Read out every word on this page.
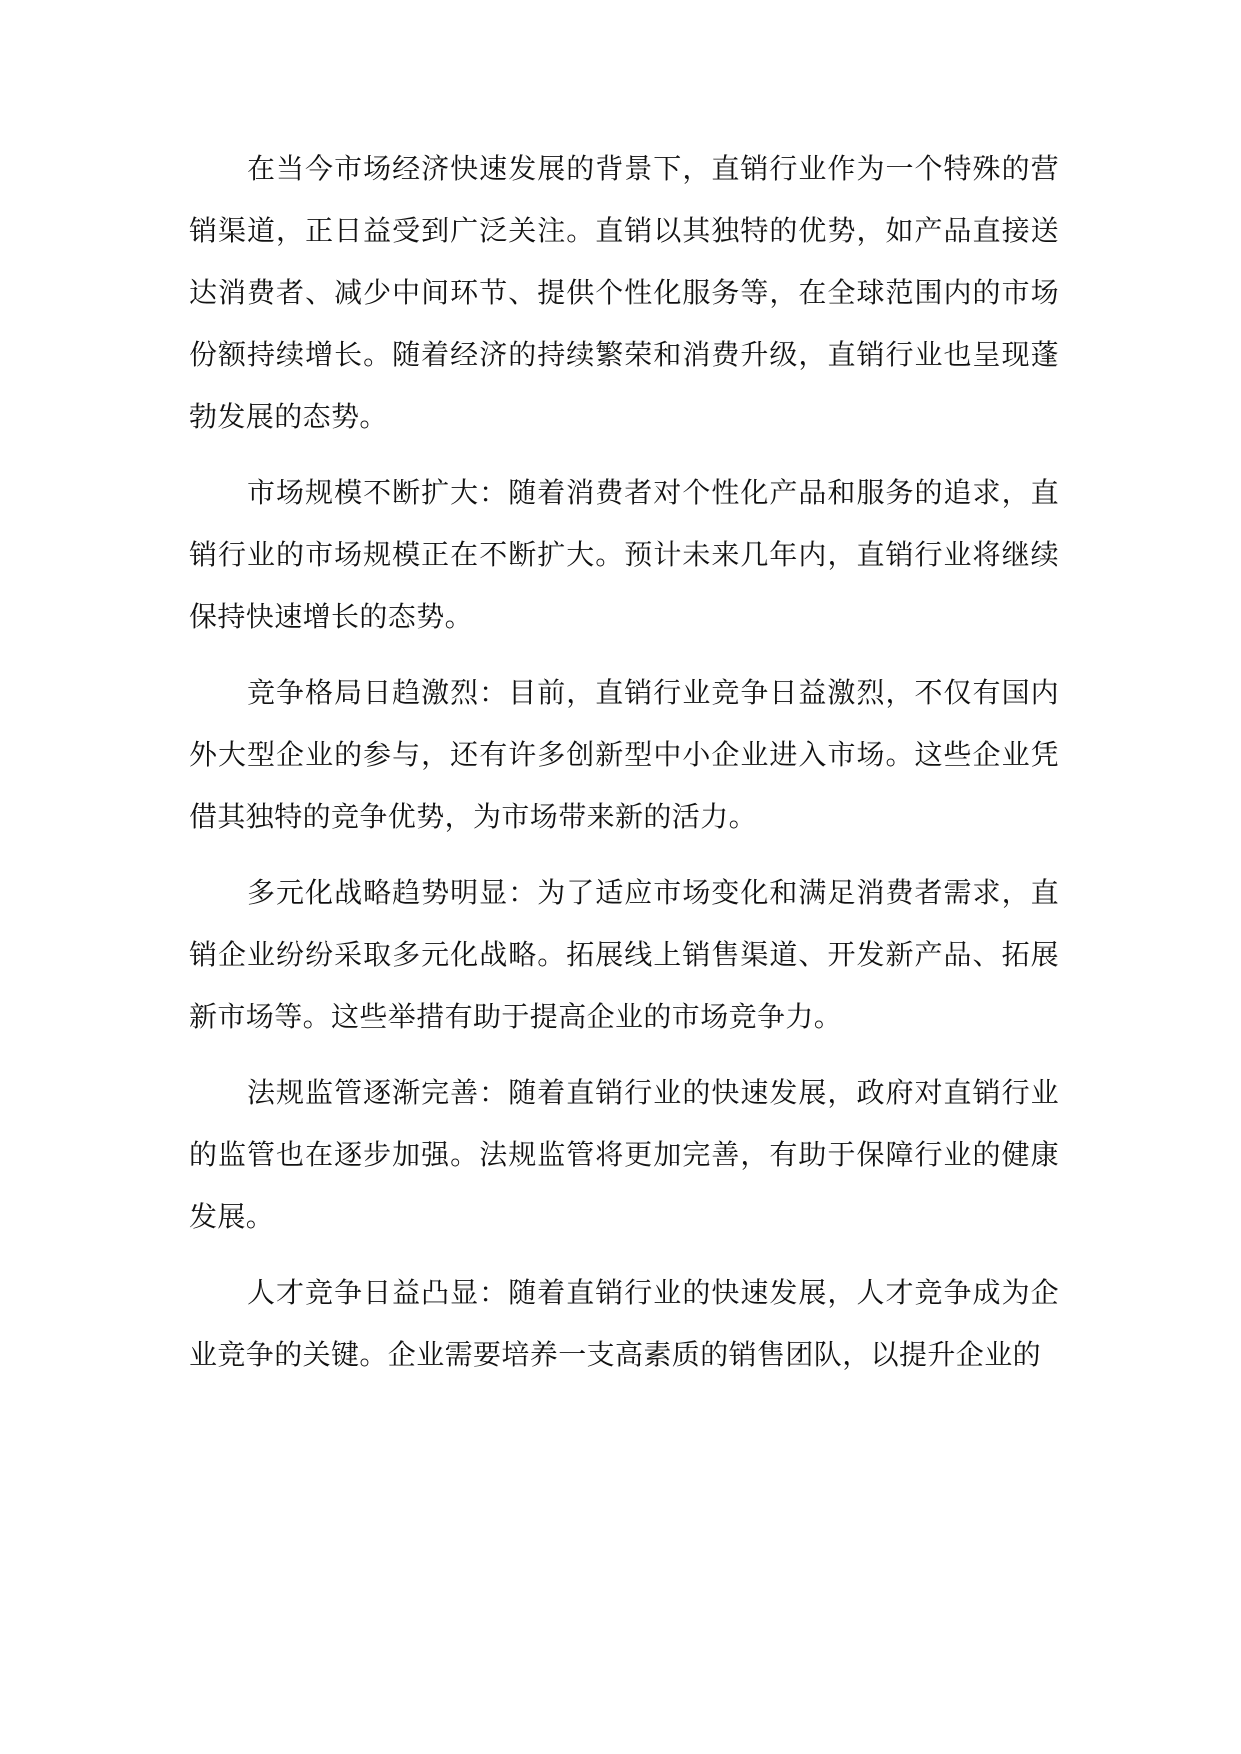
在当今市场经济快速发展的背景下，直销行业作为一个特殊的营销渠道，正日益受到广泛关注。直销以其独特的优势，如产品直接送达消费者、减少中间环节、提供个性化服务等，在全球范围内的市场份额持续增长。随着经济的持续繁荣和消费升级，直销行业也呈现蓬勃发展的态势。

市场规模不断扩大：随着消费者对个性化产品和服务的追求，直销行业的市场规模正在不断扩大。预计未来几年内，直销行业将继续保持快速增长的态势。

竞争格局日趋激烈：目前，直销行业竞争日益激烈，不仅有国内外大型企业的参与，还有许多创新型中小企业进入市场。这些企业凭借其独特的竞争优势，为市场带来新的活力。

多元化战略趋势明显：为了适应市场变化和满足消费者需求，直销企业纷纷采取多元化战略。拓展线上销售渠道、开发新产品、拓展新市场等。这些举措有助于提高企业的市场竞争力。

法规监管逐渐完善：随着直销行业的快速发展，政府对直销行业的监管也在逐步加强。法规监管将更加完善，有助于保障行业的健康发展。

人才竞争日益凸显：随着直销行业的快速发展，人才竞争成为企业竞争的关键。企业需要培养一支高素质的销售团队，以提升企业的
